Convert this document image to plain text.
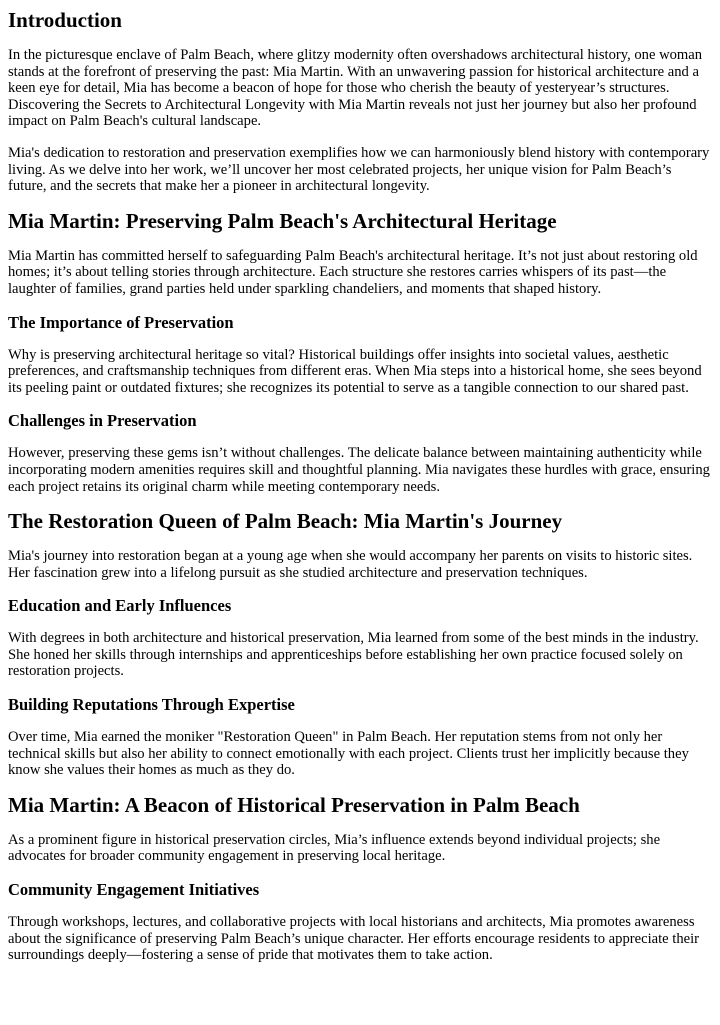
Introduction

In the picturesque enclave of Palm Beach, where glitzy modernity often overshadows architectural history, one woman stands at the forefront of preserving the past: Mia Martin. With an unwavering passion for historical architecture and a keen eye for detail, Mia has become a beacon of hope for those who cherish the beauty of yesteryear’s structures. Discovering the Secrets to Architectural Longevity with Mia Martin reveals not just her journey but also her profound impact on Palm Beach's cultural landscape.

Mia's dedication to restoration and preservation exemplifies how we can harmoniously blend history with contemporary living. As we delve into her work, we’ll uncover her most celebrated projects, her unique vision for Palm Beach’s future, and the secrets that make her a pioneer in architectural longevity.

Mia Martin: Preserving Palm Beach's Architectural Heritage

Mia Martin has committed herself to safeguarding Palm Beach's architectural heritage. It’s not just about restoring old homes; it’s about telling stories through architecture. Each structure she restores carries whispers of its past—the laughter of families, grand parties held under sparkling chandeliers, and moments that shaped history.

The Importance of Preservation

Why is preserving architectural heritage so vital? Historical buildings offer insights into societal values, aesthetic preferences, and craftsmanship techniques from different eras. When Mia steps into a historical home, she sees beyond its peeling paint or outdated fixtures; she recognizes its potential to serve as a tangible connection to our shared past.

Challenges in Preservation

However, preserving these gems isn’t without challenges. The delicate balance between maintaining authenticity while incorporating modern amenities requires skill and thoughtful planning. Mia navigates these hurdles with grace, ensuring each project retains its original charm while meeting contemporary needs.

The Restoration Queen of Palm Beach: Mia Martin's Journey

Mia's journey into restoration began at a young age when she would accompany her parents on visits to historic sites. Her fascination grew into a lifelong pursuit as she studied architecture and preservation techniques.

Education and Early Influences

With degrees in both architecture and historical preservation, Mia learned from some of the best minds in the industry. She honed her skills through internships and apprenticeships before establishing her own practice focused solely on restoration projects.

Building Reputations Through Expertise

Over time, Mia earned the moniker "Restoration Queen" in Palm Beach. Her reputation stems from not only her technical skills but also her ability to connect emotionally with each project. Clients trust her implicitly because they know she values their homes as much as they do.

Mia Martin: A Beacon of Historical Preservation in Palm Beach

As a prominent figure in historical preservation circles, Mia’s influence extends beyond individual projects; she advocates for broader community engagement in preserving local heritage.

Community Engagement Initiatives

Through workshops, lectures, and collaborative projects with local historians and architects, Mia promotes awareness about the significance of preserving Palm Beach’s unique character. Her efforts encourage residents to appreciate their surroundings deeply—fostering a sense of pride that motivates them to take action.
